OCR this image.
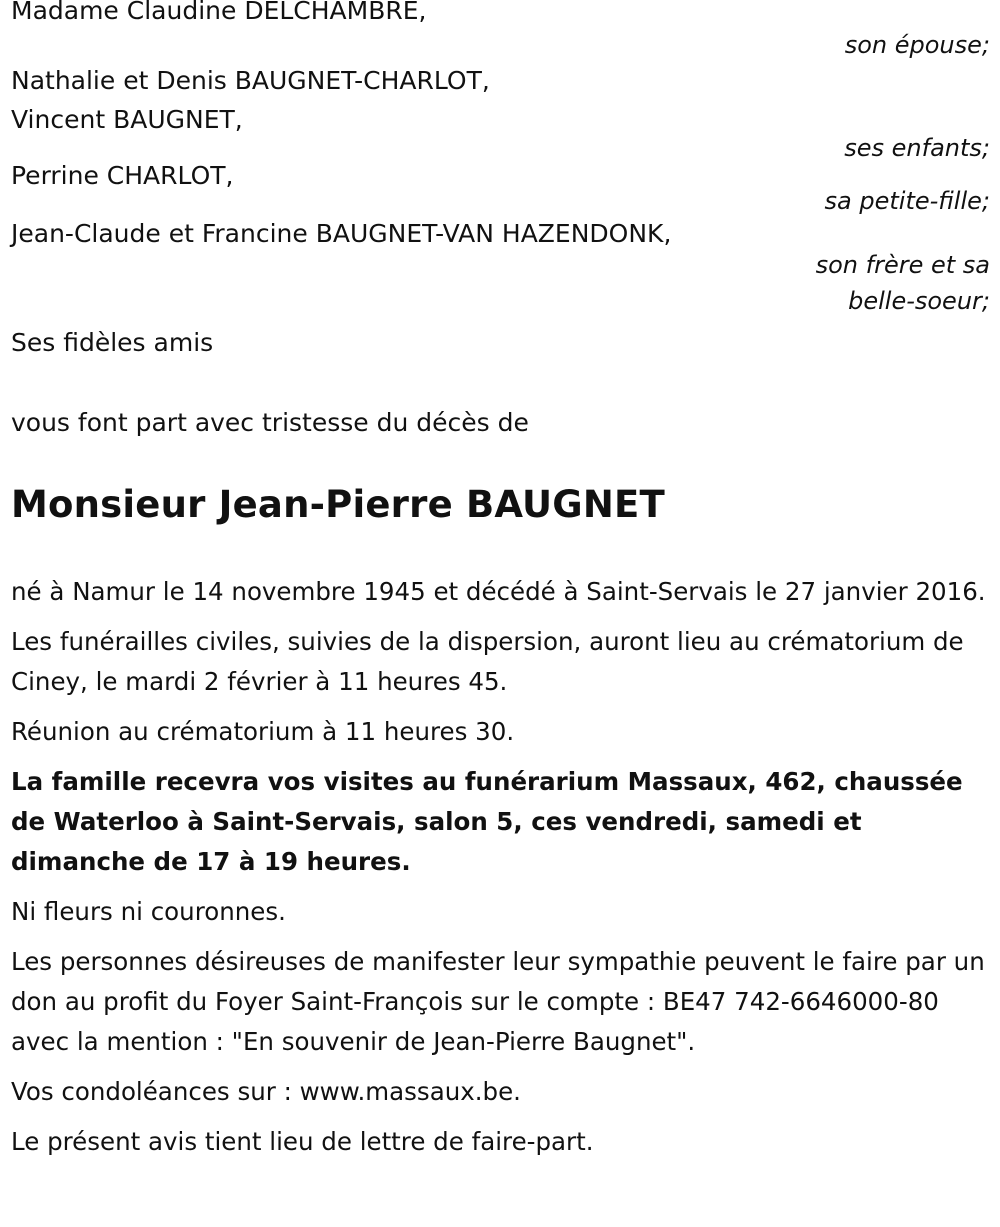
Madame Claudine DELCHAMBRE,
son épouse;
Nathalie et Denis BAUGNET-CHARLOT,
Vincent BAUGNET,
ses enfants;
Perrine CHARLOT,
sa petite-fille;
Jean-Claude et Francine BAUGNET-VAN HAZENDONK,
son frère et sa
belle-soeur;
Ses fidèles amis
vous font part avec tristesse du décès de
Monsieur Jean-Pierre BAUGNET

né à Namur le 14 novembre 1945 et décédé à Saint-Servais le 27 janvier 2016.

Les funérailles civiles, suivies de la dispersion, auront lieu au crématorium de Ciney, le mardi 2 février à 11 heures 45.

Réunion au crématorium à 11 heures 30.

La famille recevra vos visites au funérarium Massaux, 462, chaussée de Waterloo à Saint-Servais, salon 5, ces vendredi, samedi et dimanche de 17 à 19 heures.

Ni fleurs ni couronnes.

Les personnes désireuses de manifester leur sympathie peuvent le faire par un don au profit du Foyer Saint-François sur le compte : BE47 742-6646000-80 avec la mention : "En souvenir de Jean-Pierre Baugnet".

Vos condoléances sur : www.massaux.be.

Le présent avis tient lieu de lettre de faire-part.
